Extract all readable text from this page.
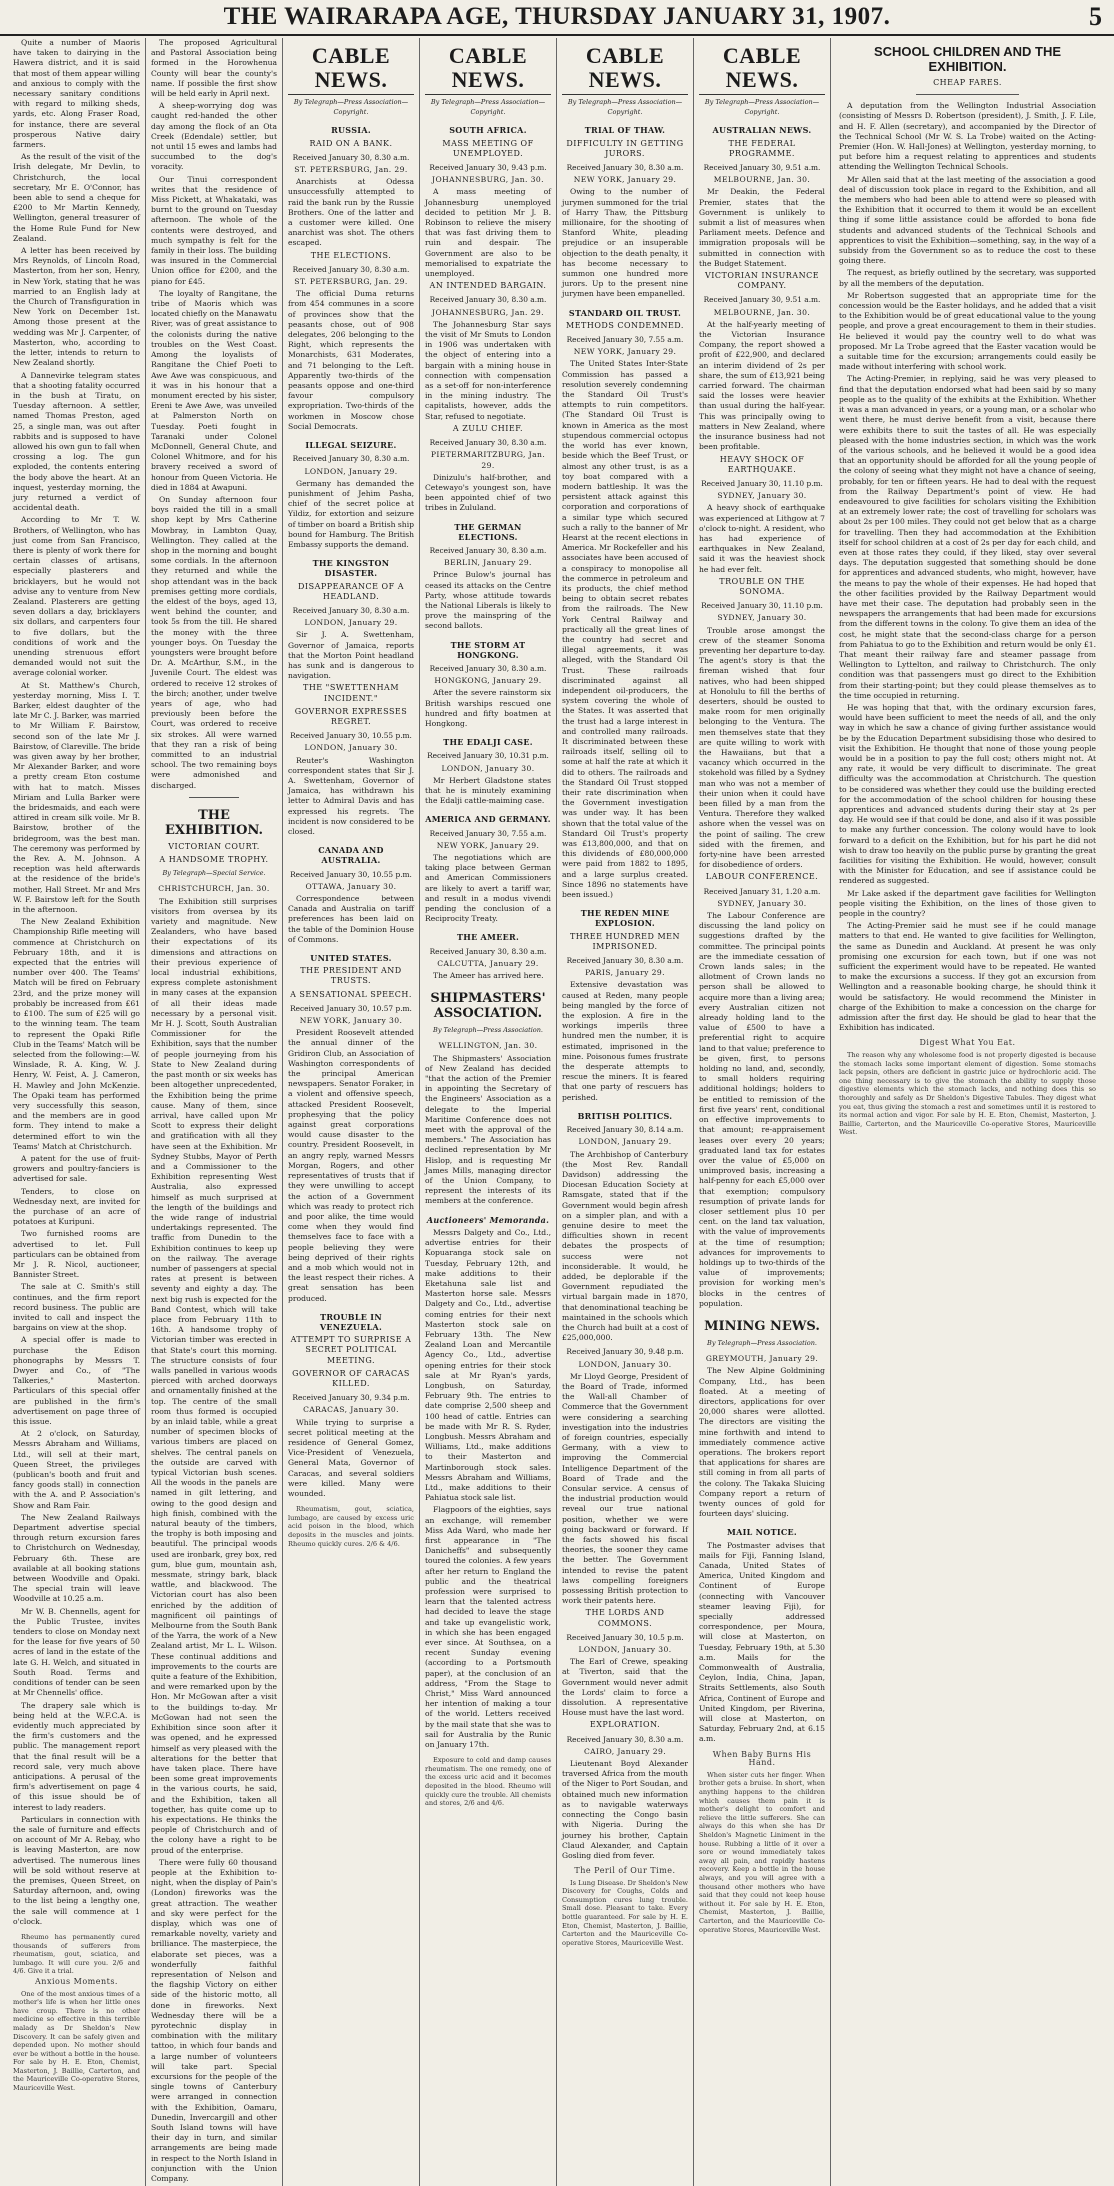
THE WAIRARAPA AGE, THURSDAY JANUARY 31, 1907.	5

Quite a number of Maoris have taken to dairying in the Hawera district, and it is said that most of them appear willing and anxious to comply with the necessary sanitary conditions with regard to milking sheds, yards, etc. Along Fraser Road, for instance, there are several prosperous Native dairy farmers.

As the result of the visit of the Irish delegate, Mr Devlin, to Christchurch, the local secretary, Mr E. O'Connor, has been able to send a cheque for £200 to Mr Martin Kennedy, Wellington, general treasurer of the Home Rule Fund for New Zealand.

A letter has been received by Mrs Reynolds, of Lincoln Road, Masterton, from her son, Henry, in New York, stating that he was married to an English lady at the Church of Transfiguration in New York on December 1st. Among those present at the wedding was Mr J. Carpenter, of Masterton, who, according to the letter, intends to return to New Zealand shortly.

A Dannevirke telegram states that a shooting fatality occurred in the bush at Tiratu, on Tuesday afternoon. A settler, named Thomas Preston, aged 25, a single man, was out after rabbits and is supposed to have allowed his own gun to fall when crossing a log. The gun exploded, the contents entering the body above the heart. At an inquest, yesterday morning, the jury returned a verdict of accidental death.

According to Mr T. W. Brothers, of Wellington, who has just come from San Francisco, there is plenty of work there for certain classes of artisans, especially plasterers and bricklayers, but he would not advise any to venture from New Zealand. Plasterers are getting seven dollars a day, bricklayers six dollars, and carpenters four to five dollars, but the conditions of work and the unending strenuous effort demanded would not suit the average colonial worker.

At St. Matthew's Church, yesterday morning, Miss I. T. Barker, eldest daughter of the late Mr C. J. Barker, was married to Mr William F. Bairstow, second son of the late Mr J. Bairstow, of Clareville. The bride was given away by her brother, Mr Alexander Barker, and wore a pretty cream Eton costume with hat to match. Misses Miriam and Lulla Barker were the bridesmaids, and each were attired in cream silk voile. Mr B. Bairstow, brother of the bridegroom, was the best man. The ceremony was performed by the Rev. A. M. Johnson. A reception was held afterwards at the residence of the bride's mother, Hall Street. Mr and Mrs W. F. Bairstow left for the South in the afternoon.

The New Zealand Exhibition Championship Rifle meeting will commence at Christchurch on February 18th, and it is expected that the entries will number over 400. The Teams' Match will be fired on February 23rd, and the prize money will probably be increased from £61 to £100. The sum of £25 will go to the winning team. The team to represent the Opaki Rifle Club in the Teams' Match will be selected from the following:—W. Winslade, R. A. King, W. J. Henry, W. Feist, A. J. Cameron, H. Mawley and John McKenzie. The Opaki team has performed very successfully this season, and the members are in good form. They intend to make a determined effort to win the Teams' Match at Christchurch.

A patent for the use of fruit-growers and poultry-fanciers is advertised for sale.

Tenders, to close on Wednesday next, are invited for the purchase of an acre of potatoes at Kuripuni.

Two furnished rooms are advertised to let. Full particulars can be obtained from Mr J. R. Nicol, auctioneer, Bannister Street.

The sale at C. Smith's still continues, and the firm report record business. The public are invited to call and inspect the bargains on view at the shop.

A special offer is made to purchase the Edison phonographs by Messrs T. Dwyer and Co., of "The Talkeries," Masterton. Particulars of this special offer are published in the firm's advertisement on page three of this issue.

At 2 o'clock, on Saturday, Messrs Abraham and Williams, Ltd., will sell at their mart, Queen Street, the privileges (publican's booth and fruit and fancy goods stall) in connection with the A. and P. Association's Show and Ram Fair.

The New Zealand Railways Department advertise special through return excursion fares to Christchurch on Wednesday, February 6th. These are available at all booking stations between Woodville and Opaki. The special train will leave Woodville at 10.25 a.m.

Mr W. B. Chennells, agent for the Public Trustee, invites tenders to close on Monday next for the lease for five years of 50 acres of land in the estate of the late G. H. Welch, and situated in South Road. Terms and conditions of tender can be seen at Mr Chennells' office.

The drapery sale which is being held at the W.F.C.A. is evidently much appreciated by the firm's customers and the public. The management report that the final result will be a record sale, very much above anticipations. A perusal of the firm's advertisement on page 4 of this issue should be of interest to lady readers.

Particulars in connection with the sale of furniture and effects on account of Mr A. Rebay, who is leaving Masterton, are now advertised. The numerous lines will be sold without reserve at the premises, Queen Street, on Saturday afternoon, and, owing to the list being a lengthy one, the sale will commence at 1 o'clock.

Rheumo has permanently cured thousands of sufferers from rheumatism, gout, sciatica, and lumbago. It will cure you. 2/6 and 4/6. Give it a trial.

Anxious Moments.

One of the most anxious times of a mother's life is when her little ones have croup. There is no other medicine so effective in this terrible malady as Dr Sheldon's New Discovery. It can be safely given and depended upon. No mother should ever be without a bottle in the house. For sale by H. E. Eton, Chemist, Masterton, J. Baillie, Carterton, and the Mauriceville Co-operative Stores, Mauriceville West.

The proposed Agricultural and Pastoral Association being formed in the Horowhenua County will bear the county's name. If possible the first show will be held early in April next.

A sheep-worrying dog was caught red-handed the other day among the flock of an Ota Creek (Edendale) settler, but not until 15 ewes and lambs had succumbed to the dog's voracity.

Our Tinui correspondent writes that the residence of Miss Pickett, at Whakataki, was burnt to the ground on Tuesday afternoon. The whole of the contents were destroyed, and much sympathy is felt for the family in their loss. The building was insured in the Commercial Union office for £200, and the piano for £45.

The loyalty of Rangitane, the tribe of Maoris which was located chiefly on the Manawatu River, was of great assistance to the colonists during the native troubles on the West Coast. Among the loyalists of Rangitane the Chief Poeti to Awe Awe was conspicuous, and it was in his honour that a monument erected by his sister, Ereni te Awe Awe, was unveiled at Palmerston North on Tuesday. Poeti fought in Taranaki under Colonel McDonnell, General Chute, and Colonel Whitmore, and for his bravery received a sword of honour from Queen Victoria. He died in 1884 at Awapuni.

On Sunday afternoon four boys raided the till in a small shop kept by Mrs Catherine Mowbray, in Lambton Quay, Wellington. They called at the shop in the morning and bought some cordials. In the afternoon they returned and while the shop attendant was in the back premises getting more cordials, the eldest of the boys, aged 13, went behind the counter, and took 5s from the till. He shared the money with the three younger boys. On Tuesday the youngsters were brought before Dr. A. McArthur, S.M., in the Juvenile Court. The eldest was ordered to receive 12 strokes of the birch; another, under twelve years of age, who had previously been before the Court, was ordered to receive six strokes. All were warned that they ran a risk of being committed to an industrial school. The two remaining boys were admonished and discharged.

THE EXHIBITION.
VICTORIAN COURT.
A HANDSOME TROPHY.
By Telegraph—Special Service.
CHRISTCHURCH, Jan. 30.

The Exhibition still surprises visitors from oversea by its variety and magnitude. New Zealanders, who have based their expectations of its dimensions and attractions on their previous experience of local industrial exhibitions, express complete astonishment in many cases at the expansion of all their ideas made necessary by a personal visit. Mr H. J. Scott, South Australian Commissioner for the Exhibition, says that the number of people journeying from his State to New Zealand during the past month or six weeks has been altogether unprecedented, the Exhibition being the prime cause. Many of them, since arrival, have called upon Mr Scott to express their delight and gratification with all they have seen at the Exhibition. Mr Sydney Stubbs, Mayor of Perth and a Commissioner to the Exhibition representing West Australia, also expressed himself as much surprised at the length of the buildings and the wide range of industrial undertakings represented. The traffic from Dunedin to the Exhibition continues to keep up on the railway. The average number of passengers at special rates at present is between seventy and eighty a day. The next big rush is expected for the Band Contest, which will take place from February 11th to 16th. A handsome trophy of Victorian timber was erected in that State's court this morning. The structure consists of four walls panelled in various woods pierced with arched doorways and ornamentally finished at the top. The centre of the small room thus formed is occupied by an inlaid table, while a great number of specimen blocks of various timbers are placed on shelves. The central panels on the outside are carved with typical Victorian bush scenes. All the woods in the panels are named in gilt lettering, and owing to the good design and high finish, combined with the natural beauty of the timbers, the trophy is both imposing and beautiful. The principal woods used are ironbark, grey box, red gum, blue gum, mountain ash, messmate, stringy bark, black wattle, and blackwood. The Victorian court has also been enriched by the addition of magnificent oil paintings of Melbourne from the South Bank of the Yarra, the work of a New Zealand artist, Mr L. L. Wilson. These continual additions and improvements to the courts are quite a feature of the Exhibition, and were remarked upon by the Hon. Mr McGowan after a visit to the buildings to-day. Mr McGowan had not seen the Exhibition since soon after it was opened, and he expressed himself as very pleased with the alterations for the better that have taken place. There have been some great improvements in the various courts, he said, and the Exhibition, taken all together, has quite come up to his expectations. He thinks the people of Christchurch and of the colony have a right to be proud of the enterprise.

There were fully 60 thousand people at the Exhibition to-night, when the display of Pain's (London) fireworks was the great attraction. The weather and sky were perfect for the display, which was one of remarkable novelty, variety and brilliance. The masterpiece, the elaborate set pieces, was a wonderfully faithful representation of Nelson and the flagship Victory on either side of the historic motto, all done in fireworks. Next Wednesday there will be a pyrotechnic display in combination with the military tattoo, in which four bands and a large number of volunteers will take part. Special excursions for the people of the single towns of Canterbury were arranged in connection with the Exhibition, Oamaru, Dunedin, Invercargill and other South Island towns will have their day in turn, and similar arrangements are being made in respect to the North Island in conjunction with the Union Company.

CABLE NEWS.
By Telegraph—Press Association—Copyright.
RUSSIA.
RAID ON A BANK.
Received January 30, 8.30 a.m.
ST. PETERSBURG, Jan. 29.

Anarchists at Odessa unsuccessfully attempted to raid the bank run by the Russie Brothers. One of the latter and a customer were killed. One anarchist was shot. The others escaped.

THE ELECTIONS.
Received January 30, 8.30 a.m.
ST. PETERSBURG, Jan. 29.

The official Duma returns from 454 communes in a score of provinces show that the peasants chose, out of 908 delegates, 206 belonging to the Right, which represents the Monarchists, 631 Moderates, and 71 belonging to the Left. Apparently two-thirds of the peasants oppose and one-third favour compulsory expropriation. Two-thirds of the workmen in Moscow chose Social Democrats.

ILLEGAL SEIZURE.
Received January 30, 8.30 a.m.
LONDON, January 29.

Germany has demanded the punishment of Jehim Pasha, chief of the secret police at Yildiz, for extortion and seizure of timber on board a British ship bound for Hamburg. The British Embassy supports the demand.

THE KINGSTON DISASTER.
DISAPPEARANCE OF A HEADLAND.
Received January 30, 8.30 a.m.
LONDON, January 29.

Sir J. A. Swettenham, Governor of Jamaica, reports that the Morton Point headland has sunk and is dangerous to navigation.

THE "SWETTENHAM INCIDENT."
GOVERNOR EXPRESSES REGRET.
Received January 30, 10.55 p.m.
LONDON, January 30.

Reuter's Washington correspondent states that Sir J. A. Swettenham, Governor of Jamaica, has withdrawn his letter to Admiral Davis and has expressed his regrets. The incident is now considered to be closed.

CANADA AND AUSTRALIA.
Received January 30, 10.55 p.m.
OTTAWA, January 30.

Correspondence between Canada and Australia on tariff preferences has been laid on the table of the Dominion House of Commons.

UNITED STATES.
THE PRESIDENT AND TRUSTS.
A SENSATIONAL SPEECH.
Received January 30, 10.57 p.m.
NEW YORK, January 30.

President Roosevelt attended the annual dinner of the Gridiron Club, an Association of Washington correspondents of the principal American newspapers. Senator Foraker, in a violent and offensive speech, attacked President Roosevelt, prophesying that the policy against great corporations would cause disaster to the country. President Roosevelt, in an angry reply, warned Messrs Morgan, Rogers, and other representatives of trusts that if they were unwilling to accept the action of a Government which was ready to protect rich and poor alike, the time would come when they would find themselves face to face with a people believing they were being deprived of their rights and a mob which would not in the least respect their riches. A great sensation has been produced.

TROUBLE IN VENEZUELA.
ATTEMPT TO SURPRISE A SECRET POLITICAL MEETING.
GOVERNOR OF CARACAS KILLED.
Received January 30, 9.34 p.m.
CARACAS, January 30.

While trying to surprise a secret political meeting at the residence of General Gomez, Vice-President of Venezuela, General Mata, Governor of Caracas, and several soldiers were killed. Many were wounded.

Rheumatism, gout, sciatica, lumbago, are caused by excess uric acid poison in the blood, which deposits in the muscles and joints. Rheumo quickly cures. 2/6 & 4/6.

CABLE NEWS.
By Telegraph—Press Association—Copyright.
SOUTH AFRICA.
MASS MEETING OF UNEMPLOYED.
Received January 30, 9.43 p.m.
JOHANNESBURG, Jan. 30.

A mass meeting of Johannesburg unemployed decided to petition Mr J. B. Robinson to relieve the misery that was fast driving them to ruin and despair. The Government are also to be memorialised to expatriate the unemployed.

AN INTENDED BARGAIN.
Received January 30, 8.30 a.m.
JOHANNESBURG, Jan. 29.

The Johannesburg Star says the visit of Mr Smuts to London in 1906 was undertaken with the object of entering into a bargain with a mining house in connection with compensation as a set-off for non-interference in the mining industry. The capitalists, however, adds the Star, refused to negotiate.

A ZULU CHIEF.
Received January 30, 8.30 a.m.
PIETERMARITZBURG, Jan. 29.

Dinizulu's half-brother, and Cetewayo's youngest son, have been appointed chief of two tribes in Zululand.

THE GERMAN ELECTIONS.
Received January 30, 8.30 a.m.
BERLIN, January 29.

Prince Bulow's journal has ceased its attacks on the Centre Party, whose attitude towards the National Liberals is likely to prove the mainspring of the second ballots.

THE STORM AT HONGKONG.
Received January 30, 8.30 a.m.
HONGKONG, January 29.

After the severe rainstorm six British warships rescued one hundred and fifty boatmen at Hongkong.

THE EDALJI CASE.
Received January 30, 10.31 p.m.
LONDON, January 30.

Mr Herbert Gladstone states that he is minutely examining the Edalji cattle-maiming case.

AMERICA AND GERMANY.
Received January 30, 7.55 a.m.
NEW YORK, January 29.

The negotiations which are taking place between German and American Commissioners are likely to avert a tariff war, and result in a modus vivendi pending the conclusion of a Reciprocity Treaty.

THE AMEER.
Received January 30, 8.30 a.m.
CALCUTTA, January 29.

The Ameer has arrived here.

SHIPMASTERS' ASSOCIATION.
By Telegraph—Press Association.
WELLINGTON, Jan. 30.

The Shipmasters' Association of New Zealand has decided "that the action of the Premier in appointing the Secretary of the Engineers' Association as a delegate to the Imperial Maritime Conference does not meet with the approval of the members." The Association has declined representation by Mr Hislop, and is requesting Mr James Mills, managing director of the Union Company, to represent the interests of its members at the conference.

Auctioneers' Memoranda.

Messrs Dalgety and Co., Ltd., advertise entries for their Kopuaranga stock sale on Tuesday, February 12th, and make additions to their Eketahuna sale list and Masterton horse sale. Messrs Dalgety and Co., Ltd., advertise coming entries for their next Masterton stock sale on February 13th. The New Zealand Loan and Mercantile Agency Co., Ltd., advertise opening entries for their stock sale at Mr Ryan's yards, Longbush, on Saturday, February 9th. The entries to date comprise 2,500 sheep and 100 head of cattle. Entries can be made with Mr R. S. Ryder, Longbush. Messrs Abraham and Williams, Ltd., make additions to their Masterton and Martinborough stock sales. Messrs Abraham and Williams, Ltd., make additions to their Pahiatua stock sale list.

Flagpoors of the eighties, says an exchange, will remember Miss Ada Ward, who made her first appearance in "The Danicheffs" and subsequently toured the colonies. A few years after her return to England the public and the theatrical profession were surprised to learn that the talented actress had decided to leave the stage and take up evangelistic work, in which she has been engaged ever since. At Southsea, on a recent Sunday evening (according to a Portsmouth paper), at the conclusion of an address, "From the Stage to Christ," Miss Ward announced her intention of making a tour of the world. Letters received by the mail state that she was to sail for Australia by the Runic on January 17th.

Exposure to cold and damp causes rheumatism. The one remedy, one of the excess uric acid and it becomes deposited in the blood. Rheumo will quickly cure the trouble. All chemists and stores, 2/6 and 4/6.

CABLE NEWS.
By Telegraph—Press Association—Copyright.
TRIAL OF THAW.
DIFFICULTY IN GETTING JURORS.
Received January 30, 8.30 a.m.
NEW YORK, January 29.

Owing to the number of jurymen summoned for the trial of Harry Thaw, the Pittsburg millionaire, for the shooting of Stanford White, pleading prejudice or an insuperable objection to the death penalty, it has become necessary to summon one hundred more jurors. Up to the present nine jurymen have been empanelled.

STANDARD OIL TRUST.
METHODS CONDEMNED.
Received January 30, 7.55 a.m.
NEW YORK, January 29.

The United States Inter-State Commission has passed a resolution severely condemning the Standard Oil Trust's attempts to ruin competitors. (The Standard Oil Trust is known in America as the most stupendous commercial octopus the world has ever known, beside which the Beef Trust, or almost any other trust, is as a toy boat compared with a modern battleship. It was the persistent attack against this corporation and corporations of a similar type which secured such a rally to the banner of Mr Hearst at the recent elections in America. Mr Rockefeller and his associates have been accused of a conspiracy to monopolise all the commerce in petroleum and its products, the chief method being to obtain secret rebates from the railroads. The New York Central Railway and practically all the great lines of the country had secret and illegal agreements, it was alleged, with the Standard Oil Trust. These railroads discriminated against all independent oil-producers, the system covering the whole of the States. It was asserted that the trust had a large interest in and controlled many railroads. It discriminated between these railroads itself, selling oil to some at half the rate at which it did to others. The railroads and the Standard Oil Trust stopped their rate discrimination when the Government investigation was under way. It has been shown that the total value of the Standard Oil Trust's property was £13,800,000, and that on this dividends of £80,000,000 were paid from 1882 to 1895, and a large surplus created. Since 1896 no statements have been issued.)

THE REDEN MINE EXPLOSION.
THREE HUNDRED MEN IMPRISONED.
Received January 30, 8.30 a.m.
PARIS, January 29.

Extensive devastation was caused at Reden, many people being mangled by the force of the explosion. A fire in the workings imperils three hundred men the number, it is estimated, imprisoned in the mine. Poisonous fumes frustrate the desperate attempts to rescue the miners. It is feared that one party of rescuers has perished.

BRITISH POLITICS.
Received January 30, 8.14 a.m.
LONDON, January 29.

The Archbishop of Canterbury (the Most Rev. Randall Davidson) addressing the Diocesan Education Society at Ramsgate, stated that if the Government would begin afresh on a simpler plan, and with a genuine desire to meet the difficulties shown in recent debates the prospects of success were not inconsiderable. It would, he added, be deplorable if the Government repudiated the virtual bargain made in 1870, that denominational teaching be maintained in the schools which the Church had built at a cost of £25,000,000.

Received January 30, 9.48 p.m.
LONDON, January 30.

Mr Lloyd George, President of the Board of Trade, informed the Wall-all Chamber of Commerce that the Government were considering a searching investigation into the industries of foreign countries, especially Germany, with a view to improving the Commercial Intelligence Department of the Board of Trade and the Consular service. A census of the industrial production would reveal our true national position, whether we were going backward or forward. If the facts showed his fiscal theories, the sooner they came the better. The Government intended to revise the patent laws compelling foreigners possessing British protection to work their patents here.

THE LORDS AND COMMONS.
Received January 30, 10.5 p.m.
LONDON, January 30.

The Earl of Crewe, speaking at Tiverton, said that the Government would never admit the Lords' claim to force a dissolution. A representative House must have the last word.

EXPLORATION.
Received January 30, 8.30 a.m.
CAIRO, January 29.

Lieutenant Boyd Alexander traversed Africa from the mouth of the Niger to Port Soudan, and obtained much new information as to navigable waterways connecting the Congo basin with Nigeria. During the journey his brother, Captain Claud Alexander, and Captain Gosling died from fever.

The Peril of Our Time.

Is Lung Disease. Dr Sheldon's New Discovery for Coughs, Colds and Consumption cures lung trouble. Small dose. Pleasant to take. Every bottle guaranteed. For sale by H. E. Eton, Chemist, Masterton, J. Baillie, Carterton and the Mauriceville Co-operative Stores, Mauriceville West.

CABLE NEWS.
By Telegraph—Press Association—Copyright.
AUSTRALIAN NEWS.
THE FEDERAL PROGRAMME.
Received January 30, 9.51 a.m.
MELBOURNE, Jan. 30.

Mr Deakin, the Federal Premier, states that the Government is unlikely to submit a list of measures when Parliament meets. Defence and immigration proposals will be submitted in connection with the Budget Statement.

VICTORIAN INSURANCE COMPANY.
Received January 30, 9.51 a.m.
MELBOURNE, Jan. 30.

At the half-yearly meeting of the Victorian Insurance Company, the report showed a profit of £22,900, and declared an interim dividend of 2s per share, the sum of £13,921 being carried forward. The chairman said the losses were heavier than usual during the half-year. This was principally owing to matters in New Zealand, where the insurance business had not been profitable.

HEAVY SHOCK OF EARTHQUAKE.
Received January 30, 11.10 p.m.
SYDNEY, January 30.

A heavy shock of earthquake was experienced at Lithgow at 7 o'clock to-night. A resident, who has had experience of earthquakes in New Zealand, said it was the heaviest shock he had ever felt.

TROUBLE ON THE SONOMA.
Received January 30, 11.10 p.m.
SYDNEY, January 30.

Trouble arose amongst the crew of the steamer Sonoma preventing her departure to-day. The agent's story is that the fireman wished that four natives, who had been shipped at Honolulu to fill the berths of deserters, should be ousted to make room for men originally belonging to the Ventura. The men themselves state that they are quite willing to work with the Hawaiians, but that a vacancy which occurred in the stokehold was filled by a Sydney man who was not a member of their union when it could have been filled by a man from the Ventura. Therefore they walked ashore when the vessel was on the point of sailing. The crew sided with the firemen, and forty-nine have been arrested for disobedience of orders.

LABOUR CONFERENCE.
Received January 31, 1.20 a.m.
SYDNEY, January 30.

The Labour Conference are discussing the land policy on suggestions drafted by the committee. The principal points are the immediate cessation of Crown lands sales; in the allotment of Crown lands no person shall be allowed to acquire more than a living area; every Australian citizen not already holding land to the value of £500 to have a preferential right to acquire land to that value; preference to be given, first, to persons holding no land, and, secondly, to small holders requiring additional holdings; holders to be entitled to remission of the first five years' rent, conditional on effective improvements to that amount; re-appraisement leases over every 20 years; graduated land tax for estates over the value of £5,000 on unimproved basis, increasing a half-penny for each £5,000 over that exemption; compulsory resumption of private lands for closer settlement plus 10 per cent. on the land tax valuation, with the value of improvements at the time of resumption; advances for improvements to holdings up to two-thirds of the value of improvements; provision for working men's blocks in the centres of population.

MINING NEWS.
By Telegraph—Press Association.
GREYMOUTH, January 29.

The New Alpine Goldmining Company, Ltd., has been floated. At a meeting of directors, applications for over 20,000 shares were allotted. The directors are visiting the mine forthwith and intend to immediately commence active operations. The brokers report that applications for shares are still coming in from all parts of the colony. The Takaka Sluicing Company report a return of twenty ounces of gold for fourteen days' sluicing.

MAIL NOTICE.

The Postmaster advises that mails for Fiji, Fanning Island, Canada, United States of America, United Kingdom and Continent of Europe (connecting with Vancouver steamer leaving Fiji), for specially addressed correspondence, per Moura, will close at Masterton, on Tuesday, February 19th, at 5.30 a.m. Mails for the Commonwealth of Australia, Ceylon, India, China, Japan, Straits Settlements, also South Africa, Continent of Europe and United Kingdom, per Riverina, will close at Masterton, on Saturday, February 2nd, at 6.15 a.m.

When Baby Burns His Hand.

When sister cuts her finger. When brother gets a bruise. In short, when anything happens to the children which causes them pain it is mother's delight to comfort and relieve the little sufferers. She can always do this when she has Dr Sheldon's Magnetic Liniment in the house. Rubbing a little of it over a sore or wound immediately takes away all pain, and rapidly hastens recovery. Keep a bottle in the house always, and you will agree with a thousand other mothers who have said that they could not keep house without it. For sale by H. E. Eton, Chemist, Masterton, J. Baillie, Carterton, and the Mauriceville Co-operative Stores, Mauriceville West.

SCHOOL CHILDREN AND THE EXHIBITION.
CHEAP FARES.

A deputation from the Wellington Industrial Association (consisting of Messrs D. Robertson (president), J. Smith, J. F. Lile, and H. F. Allen (secretary), and accompanied by the Director of the Technical School (Mr W. S. La Trobe) waited on the Acting-Premier (Hon. W. Hall-Jones) at Wellington, yesterday morning, to put before him a request relating to apprentices and students attending the Wellington Technical Schools.

Mr Allen said that at the last meeting of the association a good deal of discussion took place in regard to the Exhibition, and all the members who had been able to attend were so pleased with the Exhibition that it occurred to them it would be an excellent thing if some little assistance could be afforded to bona fide students and advanced students of the Technical Schools and apprentices to visit the Exhibition—something, say, in the way of a subsidy from the Government so as to reduce the cost to these going there.

The request, as briefly outlined by the secretary, was supported by all the members of the deputation.

Mr Robertson suggested that an appropriate time for the concession would be the Easter holidays, and he added that a visit to the Exhibition would be of great educational value to the young people, and prove a great encouragement to them in their studies. He believed it would pay the country well to do what was proposed. Mr La Trobe agreed that the Easter vacation would be a suitable time for the excursion; arrangements could easily be made without interfering with school work.

The Acting-Premier, in replying, said he was very pleased to find that the deputation endorsed what had been said by so many people as to the quality of the exhibits at the Exhibition. Whether it was a man advanced in years, or a young man, or a scholar who went there, he must derive benefit from a visit, because there were exhibits there to suit the tastes of all. He was especially pleased with the home industries section, in which was the work of the various schools, and he believed it would be a good idea that an opportunity should be afforded for all the young people of the colony of seeing what they might not have a chance of seeing, probably, for ten or fifteen years. He had to deal with the request from the Railway Department's point of view. He had endeavoured to give facilities for scholars visiting the Exhibition at an extremely lower rate; the cost of travelling for scholars was about 2s per 100 miles. They could not get below that as a charge for travelling. Then they had accommodation at the Exhibition itself for school children at a cost of 2s per day for each child, and even at those rates they could, if they liked, stay over several days. The deputation suggested that something should be done for apprentices and advanced students, who might, however, have the means to pay the whole of their expenses. He had hoped that the other facilities provided by the Railway Department would have met their case. The deputation had probably seen in the newspapers the arrangements that had been made for excursions from the different towns in the colony. To give them an idea of the cost, he might state that the second-class charge for a person from Pahiatua to go to the Exhibition and return would be only £1. That meant their railway fare and steamer passage from Wellington to Lyttelton, and railway to Christchurch. The only condition was that passengers must go direct to the Exhibition from their starting-point; but they could please themselves as to the time occupied in returning.

He was hoping that that, with the ordinary excursion fares, would have been sufficient to meet the needs of all, and the only way in which he saw a chance of giving further assistance would be by the Education Department subsidising those who desired to visit the Exhibition. He thought that none of those young people would be in a position to pay the full cost; others might not. At any rate, it would be very difficult to discriminate. The great difficulty was the accommodation at Christchurch. The question to be considered was whether they could use the building erected for the accommodation of the school children for housing these apprentices and advanced students during their stay at 2s per day. He would see if that could be done, and also if it was possible to make any further concession. The colony would have to look forward to a deficit on the Exhibition, but for his part he did not wish to draw too heavily on the public purse by granting the great facilities for visiting the Exhibition. He would, however, consult with the Minister for Education, and see if assistance could be rendered as suggested.

Mr Lake asked if the department gave facilities for Wellington people visiting the Exhibition, on the lines of those given to people in the country?

The Acting-Premier said he must see if he could manage matters to that end. He wanted to give facilities for Wellington, the same as Dunedin and Auckland. At present he was only promising one excursion for each town, but if one was not sufficient the experiment would have to be repeated. He wanted to make the excursions a success. If they got an excursion from Wellington and a reasonable booking charge, he should think it would be satisfactory. He would recommend the Minister in charge of the Exhibition to make a concession on the charge for admission after the first day. He should be glad to hear that the Exhibition has indicated.

Digest What You Eat.

The reason why any wholesome food is not properly digested is because the stomach lacks some important element of digestion. Some stomachs lack pepsin, others are deficient in gastric juice or hydrochloric acid. The one thing necessary is to give the stomach the ability to supply those digestive elements which the stomach lacks, and nothing does this so thoroughly and safely as Dr Sheldon's Digestive Tabules. They digest what you eat, thus giving the stomach a rest and sometimes until it is restored to its normal action and vigor. For sale by H. E. Eton, Chemist, Masterton, J. Baillie, Carterton, and the Mauriceville Co-operative Stores, Mauriceville West.
